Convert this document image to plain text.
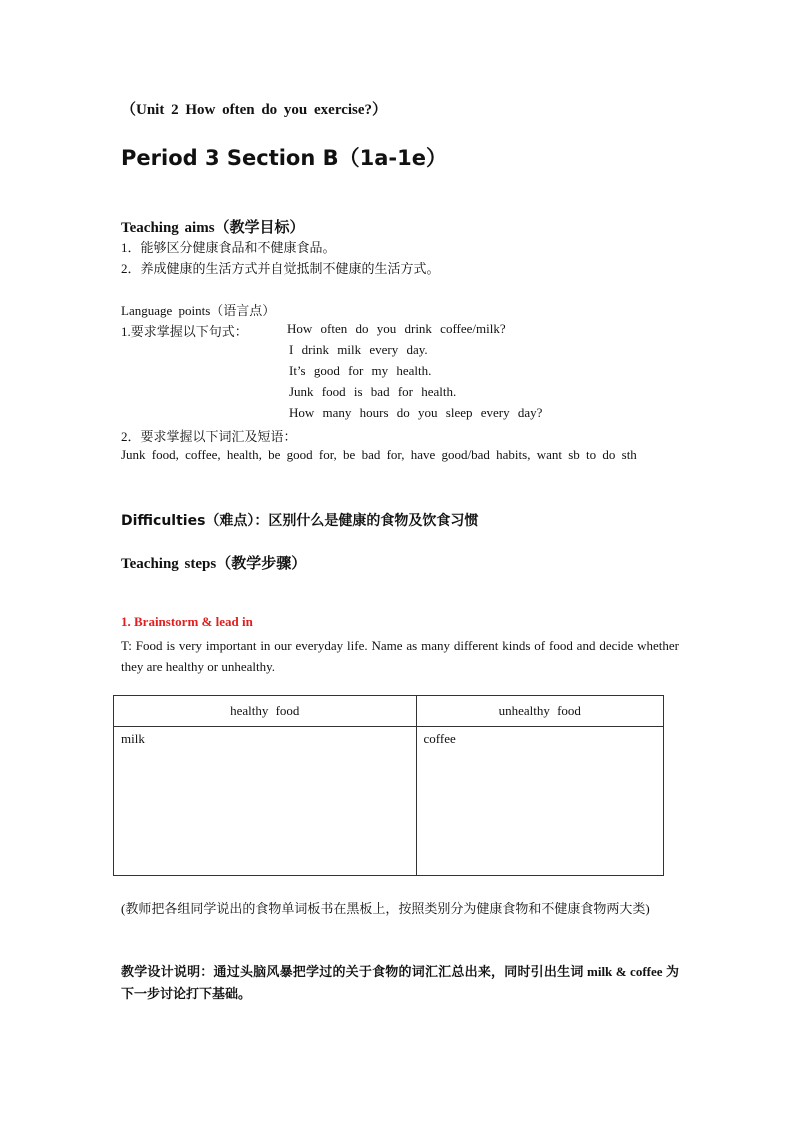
（Unit 2 How often do you exercise?）
Period 3 Section B（1a-1e）
Teaching aims（教学目标）
1．能够区分健康食品和不健康食品。
2．养成健康的生活方式并自觉抵制不健康的生活方式。
Language points（语言点）
1.要求掌握以下句式：	How often do you drink coffee/milk?
I drink milk every day.
It’s good for my health.
Junk food is bad for health.
How many hours do you sleep every day?
2．要求掌握以下词汇及短语：
Junk food, coffee, health, be good for, be bad for, have good/bad habits, want sb to do sth
Difficulties（难点）：区别什么是健康的食物及饮食习惯
Teaching steps（教学步骤）
1. Brainstorm & lead in
T: Food is very important in our everyday life. Name as many different kinds of food and decide whether they are healthy or unhealthy.
healthy food	unhealthy food
milk	coffee
(教师把各组同学说出的食物单词板书在黑板上，按照类别分为健康食物和不健康食物两大类)
教学设计说明：通过头脑风暴把学过的关于食物的词汇汇总出来，同时引出生词 milk & coffee 为下一步讨论打下基础。
